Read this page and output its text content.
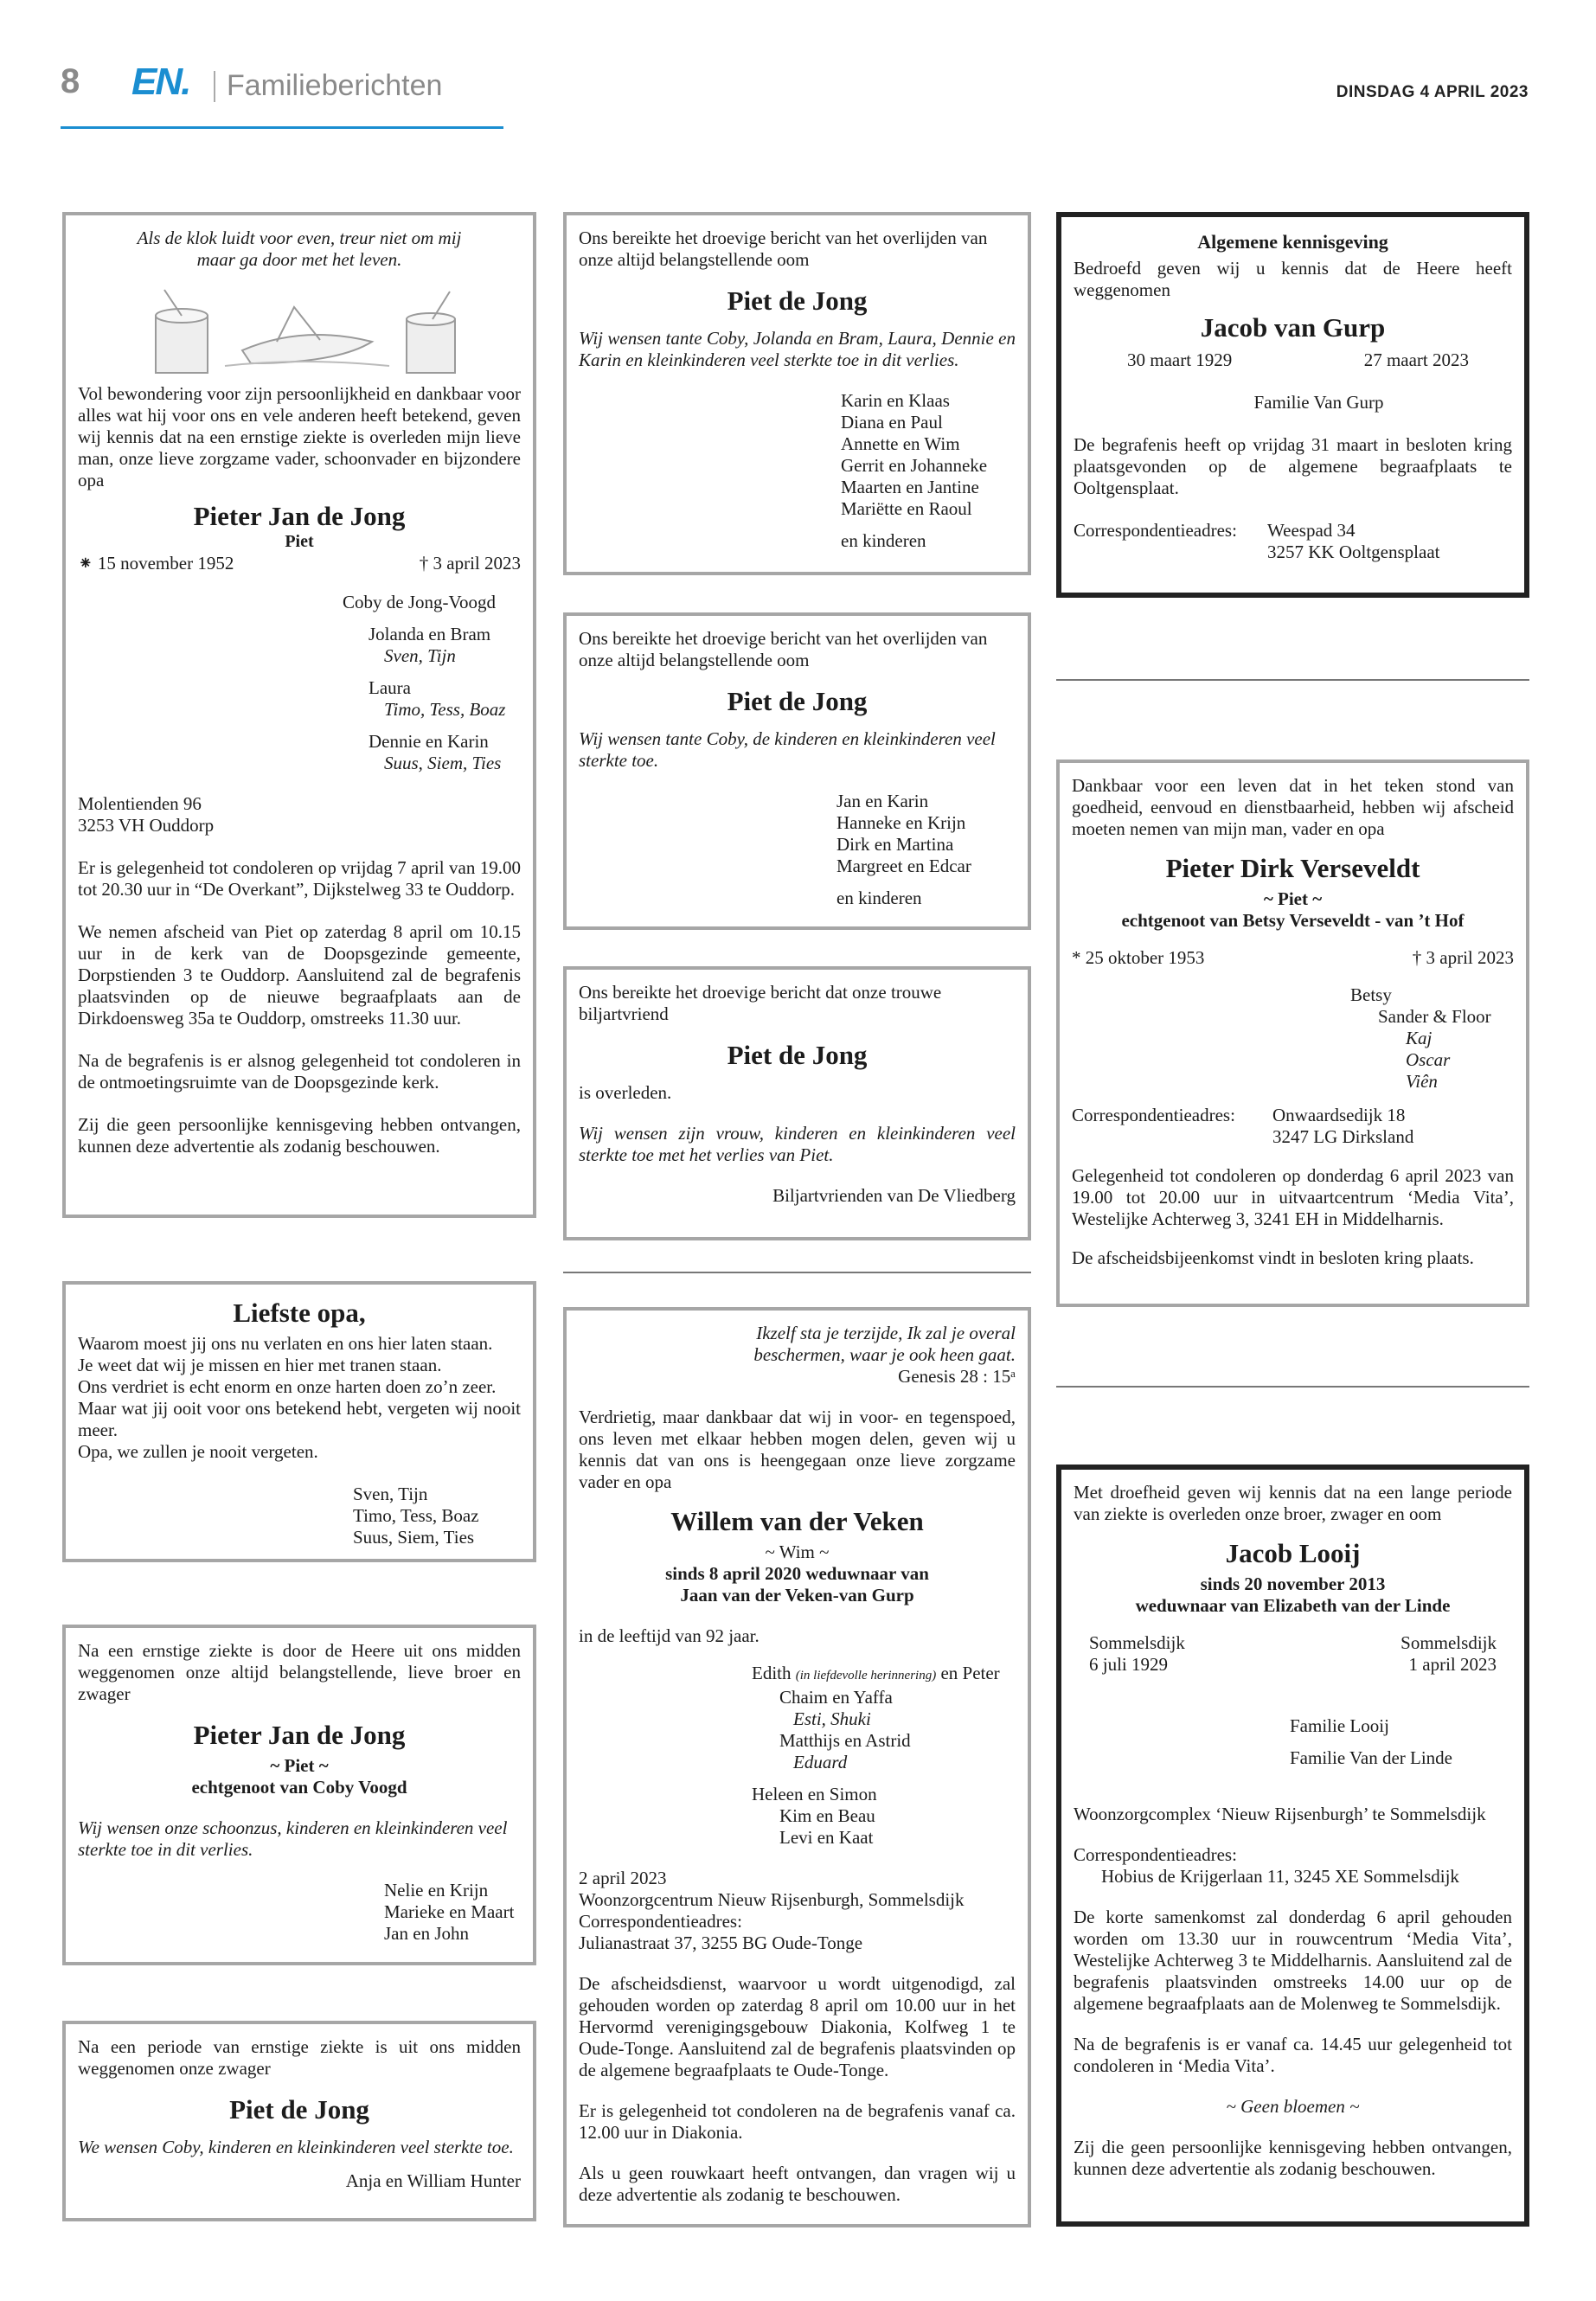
8 EN. Familieberichten	DINSDAG 4 APRIL 2023
Als de klok luidt voor even, treur niet om mij
maar ga door met het leven.
Vol bewondering voor zijn persoonlijkheid en dankbaar voor alles wat hij voor ons en vele anderen heeft betekend, geven wij kennis dat na een ernstige ziekte is overleden mijn lieve man, onze lieve zorgzame vader, schoonvader en bijzondere opa
Pieter Jan de Jong
Piet
⁕ 15 november 1952	† 3 april 2023
Coby de Jong-Voogd
Jolanda en Bram
Sven, Tijn
Laura
Timo, Tess, Boaz
Dennie en Karin
Suus, Siem, Ties
Molentienden 96
3253 VH Ouddorp
Er is gelegenheid tot condoleren op vrijdag 7 april van 19.00 tot 20.30 uur in “De Overkant”, Dijkstelweg 33 te Ouddorp.
We nemen afscheid van Piet op zaterdag 8 april om 10.15 uur in de kerk van de Doopsgezinde gemeente, Dorpstienden 3 te Ouddorp. Aansluitend zal de begrafenis plaatsvinden op de nieuwe begraafplaats aan de Dirkdoensweg 35a te Ouddorp, omstreeks 11.30 uur.
Na de begrafenis is er alsnog gelegenheid tot condoleren in de ontmoetingsruimte van de Doopsgezinde kerk.
Zij die geen persoonlijke kennisgeving hebben ontvangen, kunnen deze advertentie als zodanig beschouwen.
Liefste opa,
Waarom moest jij ons nu verlaten en ons hier laten staan.
Je weet dat wij je missen en hier met tranen staan.
Ons verdriet is echt enorm en onze harten doen zo’n zeer.
Maar wat jij ooit voor ons betekend hebt, vergeten wij nooit meer.
Opa, we zullen je nooit vergeten.
Sven, Tijn
Timo, Tess, Boaz
Suus, Siem, Ties
Na een ernstige ziekte is door de Heere uit ons midden weggenomen onze altijd belangstellende, lieve broer en zwager
Pieter Jan de Jong
~ Piet ~
echtgenoot van Coby Voogd
Wij wensen onze schoonzus, kinderen en kleinkinderen veel sterkte toe in dit verlies.
Nelie en Krijn
Marieke en Maart
Jan en John
Na een periode van ernstige ziekte is uit ons midden weggenomen onze zwager
Piet de Jong
We wensen Coby, kinderen en kleinkinderen veel sterkte toe.
Anja en William Hunter
Ons bereikte het droevige bericht van het overlijden van onze altijd belangstellende oom
Piet de Jong
Wij wensen tante Coby, Jolanda en Bram, Laura, Dennie en Karin en kleinkinderen veel sterkte toe in dit verlies.
Karin en Klaas
Diana en Paul
Annette en Wim
Gerrit en Johanneke
Maarten en Jantine
Mariëtte en Raoul
en kinderen
Ons bereikte het droevige bericht van het overlijden van onze altijd belangstellende oom
Piet de Jong
Wij wensen tante Coby, de kinderen en kleinkinderen veel sterkte toe.
Jan en Karin
Hanneke en Krijn
Dirk en Martina
Margreet en Edcar
en kinderen
Ons bereikte het droevige bericht dat onze trouwe biljartvriend
Piet de Jong
is overleden.
Wij wensen zijn vrouw, kinderen en kleinkinderen veel sterkte toe met het verlies van Piet.
Biljartvrienden van De Vliedberg
Ikzelf sta je terzijde, Ik zal je overal
beschermen, waar je ook heen gaat.
Genesis 28 : 15ᵃ
Verdrietig, maar dankbaar dat wij in voor- en tegenspoed, ons leven met elkaar hebben mogen delen, geven wij u kennis dat van ons is heengegaan onze lieve zorgzame vader en opa
Willem van der Veken
~ Wim ~
sinds 8 april 2020 weduwnaar van
Jaan van der Veken-van Gurp
in de leeftijd van 92 jaar.
Edith (in liefdevolle herinnering) en Peter
Chaim en Yaffa
Esti, Shuki
Matthijs en Astrid
Eduard
Heleen en Simon
Kim en Beau
Levi en Kaat
2 april 2023
Woonzorgcentrum Nieuw Rijsenburgh, Sommelsdijk
Correspondentieadres:
Julianastraat 37, 3255 BG Oude-Tonge
De afscheidsdienst, waarvoor u wordt uitgenodigd, zal gehouden worden op zaterdag 8 april om 10.00 uur in het Hervormd verenigingsgebouw Diakonia, Kolfweg 1 te Oude-Tonge. Aansluitend zal de begrafenis plaatsvinden op de algemene begraafplaats te Oude-Tonge.
Er is gelegenheid tot condoleren na de begrafenis vanaf ca. 12.00 uur in Diakonia.
Als u geen rouwkaart heeft ontvangen, dan vragen wij u deze advertentie als zodanig te beschouwen.
Algemene kennisgeving
Bedroefd geven wij u kennis dat de Heere heeft weggenomen
Jacob van Gurp
30 maart 1929	27 maart 2023
Familie Van Gurp
De begrafenis heeft op vrijdag 31 maart in besloten kring plaatsgevonden op de algemene begraafplaats te Ooltgensplaat.
Correspondentieadres:	Weespad 34
3257 KK Ooltgensplaat
Dankbaar voor een leven dat in het teken stond van goedheid, eenvoud en dienstbaarheid, hebben wij afscheid moeten nemen van mijn man, vader en opa
Pieter Dirk Verseveldt
~ Piet ~
echtgenoot van Betsy Verseveldt - van ’t Hof
* 25 oktober 1953	† 3 april 2023
Betsy
Sander & Floor
Kaj
Oscar
Viên
Correspondentieadres:	Onwaardsedijk 18
3247 LG Dirksland
Gelegenheid tot condoleren op donderdag 6 april 2023 van 19.00 tot 20.00 uur in uitvaartcentrum ‘Media Vita’, Westelijke Achterweg 3, 3241 EH in Middelharnis.
De afscheidsbijeenkomst vindt in besloten kring plaats.
Met droefheid geven wij kennis dat na een lange periode van ziekte is overleden onze broer, zwager en oom
Jacob Looij
sinds 20 november 2013
weduwnaar van Elizabeth van der Linde
Sommelsdijk
6 juli 1929
Sommelsdijk
1 april 2023
Familie Looij
Familie Van der Linde
Woonzorgcomplex ‘Nieuw Rijsenburgh’ te Sommelsdijk
Correspondentieadres:
Hobius de Krijgerlaan 11, 3245 XE Sommelsdijk
De korte samenkomst zal donderdag 6 april gehouden worden om 13.30 uur in rouwcentrum ‘Media Vita’, Westelijke Achterweg 3 te Middelharnis. Aansluitend zal de begrafenis plaatsvinden omstreeks 14.00 uur op de algemene begraafplaats aan de Molenweg te Sommelsdijk.
Na de begrafenis is er vanaf ca. 14.45 uur gelegenheid tot condoleren in ‘Media Vita’.
~ Geen bloemen ~
Zij die geen persoonlijke kennisgeving hebben ontvangen, kunnen deze advertentie als zodanig beschouwen.
